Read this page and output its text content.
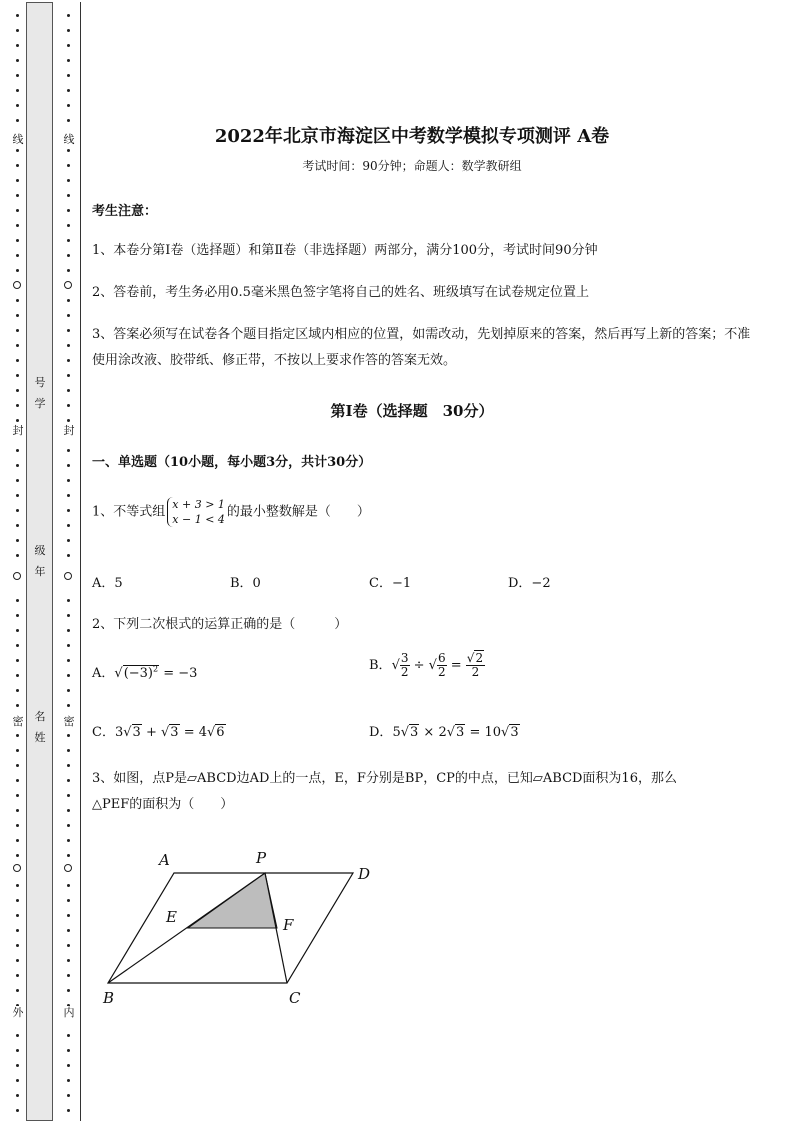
线
封
密
外
号
学
级
年
名
姓
线
封
密
内
2022年北京市海淀区中考数学模拟专项测评 A卷
考试时间：90分钟；命题人：数学教研组
考生注意：
1、本卷分第I卷（选择题）和第Ⅱ卷（非选择题）两部分，满分100分，考试时间90分钟
2、答卷前，考生务必用0.5毫米黑色签字笔将自己的姓名、班级填写在试卷规定位置上
3、答案必须写在试卷各个题目指定区域内相应的位置，如需改动，先划掉原来的答案，然后再写上新的答案；不准使用涂改液、胶带纸、修正带，不按以上要求作答的答案无效。
第I卷（选择题　30分）
一、单选题（10小题，每小题3分，共计30分）
1、不等式组 x + 3 > 1
x − 1 < 4 的最小整数解是（　　）
A．5	B．0	C．−1	D．−2
2、下列二次根式的运算正确的是（　　　）
A．$√(-3)^2 = -3$
B．√ $\frac{3}{2}$ ÷ √ $\frac{6}{2} = \frac{√2}{2}$
C．3√3 + √3 = 4√6	D．5√3 × 2√3 = 10√3
3、如图，点P是▱ABCD边AD上的一点，E，F分别是BP，CP的中点，已知▱ABCD面积为16，那么
△PEF的面积为（　　）
A	P
D
E	F
B	C
